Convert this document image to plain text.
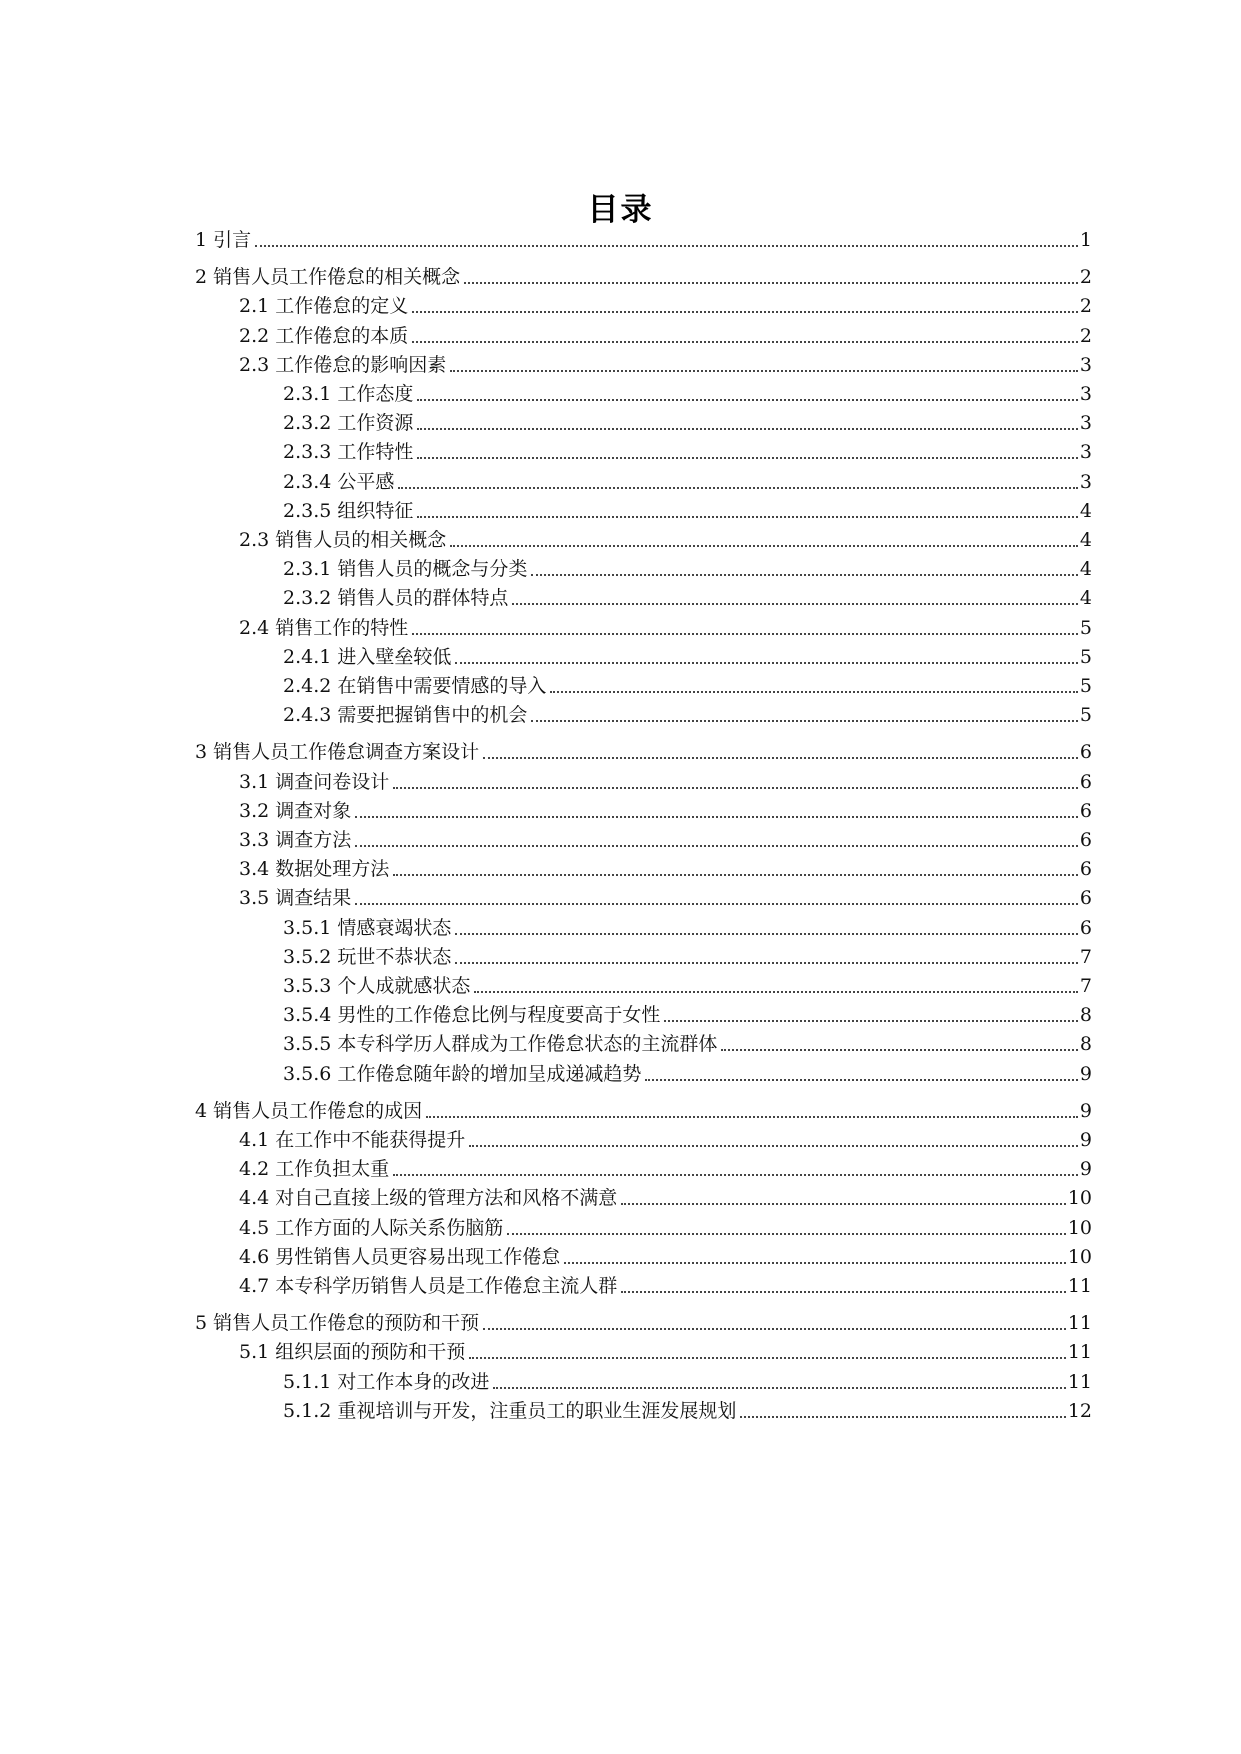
目录
1 引言	1
2 销售人员工作倦怠的相关概念	2
2.1 工作倦怠的定义	2
2.2 工作倦怠的本质	2
2.3 工作倦怠的影响因素	3
2.3.1 工作态度	3
2.3.2 工作资源	3
2.3.3 工作特性	3
2.3.4 公平感	3
2.3.5 组织特征	4
2.3 销售人员的相关概念	4
2.3.1 销售人员的概念与分类	4
2.3.2 销售人员的群体特点	4
2.4 销售工作的特性	5
2.4.1 进入壁垒较低	5
2.4.2 在销售中需要情感的导入	5
2.4.3 需要把握销售中的机会	5
3 销售人员工作倦怠调查方案设计	6
3.1 调查问卷设计	6
3.2 调查对象	6
3.3 调查方法	6
3.4 数据处理方法	6
3.5 调查结果	6
3.5.1 情感衰竭状态	6
3.5.2 玩世不恭状态	7
3.5.3 个人成就感状态	7
3.5.4 男性的工作倦怠比例与程度要高于女性	8
3.5.5 本专科学历人群成为工作倦怠状态的主流群体	8
3.5.6 工作倦怠随年龄的增加呈成递减趋势	9
4 销售人员工作倦怠的成因	9
4.1 在工作中不能获得提升	9
4.2 工作负担太重	9
4.4 对自己直接上级的管理方法和风格不满意	10
4.5 工作方面的人际关系伤脑筋	10
4.6 男性销售人员更容易出现工作倦怠	10
4.7 本专科学历销售人员是工作倦怠主流人群	11
5 销售人员工作倦怠的预防和干预	11
5.1 组织层面的预防和干预	11
5.1.1 对工作本身的改进	11
5.1.2 重视培训与开发，注重员工的职业生涯发展规划	12
